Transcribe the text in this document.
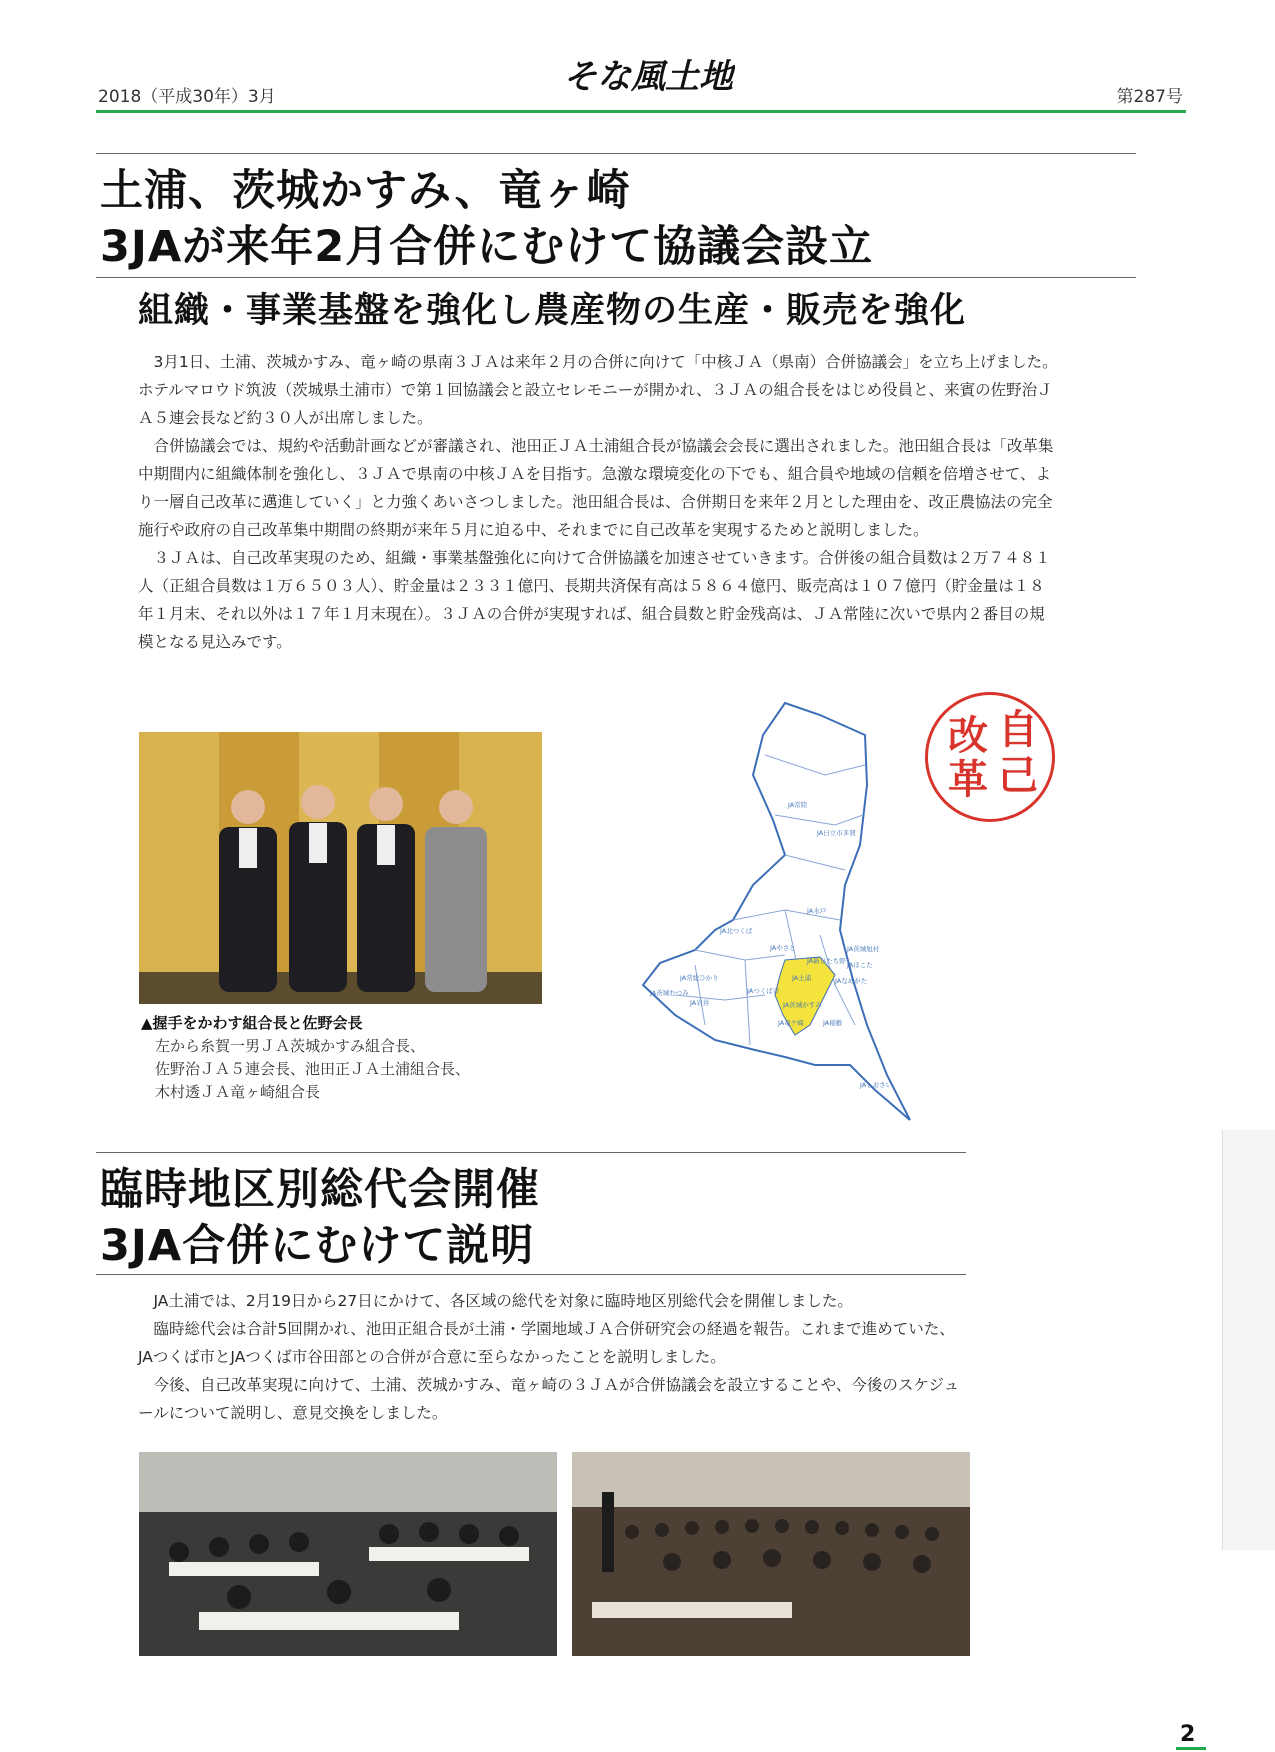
2018（平成30年）3月	そな風土地	第287号
土浦、茨城かすみ、竜ヶ崎
3JAが来年2月合併にむけて協議会設立
組織・事業基盤を強化し農産物の生産・販売を強化

3月1日、土浦、茨城かすみ、竜ヶ崎の県南３ＪＡは来年２月の合併に向けて「中核ＪＡ（県南）合併協議会」を立ち上げました。ホテルマロウド筑波（茨城県土浦市）で第１回協議会と設立セレモニーが開かれ、３ＪＡの組合長をはじめ役員と、来賓の佐野治ＪＡ５連会長など約３０人が出席しました。

合併協議会では、規約や活動計画などが審議され、池田正ＪＡ土浦組合長が協議会会長に選出されました。池田組合長は「改革集中期間内に組織体制を強化し、３ＪＡで県南の中核ＪＡを目指す。急激な環境変化の下でも、組合員や地域の信頼を倍増させて、より一層自己改革に邁進していく」と力強くあいさつしました。池田組合長は、合併期日を来年２月とした理由を、改正農協法の完全施行や政府の自己改革集中期間の終期が来年５月に迫る中、それまでに自己改革を実現するためと説明しました。

３ＪＡは、自己改革実現のため、組織・事業基盤強化に向けて合併協議を加速させていきます。合併後の組合員数は２万７４８１人（正組合員数は１万６５０３人）、貯金量は２３３１億円、長期共済保有高は５８６４億円、販売高は１０７億円（貯金量は１８年１月末、それ以外は１７年１月末現在）。３ＪＡの合併が実現すれば、組合員数と貯金残高は、ＪＡ常陸に次いで県内２番目の規模となる見込みです。

▲握手をかわす組合長と佐野会長
左から糸賀一男ＪＡ茨城かすみ組合長、
佐野治ＪＡ５連会長、池田正ＪＡ土浦組合長、
木村透ＪＡ竜ヶ崎組合長
JA常陸
JA日立市多賀
JA水戸
JA北つくば
JAやさと
JA新ひたち野
JA土浦
JA茨城かすみ
JA竜ケ崎	JA稲敷
JAなめがた
JAしおさい
JA茨城旭村
JAほこた
JAつくば市
JA岩井
JA常総ひかり
JA茨城むつみ
自
己
改
革
臨時地区別総代会開催
3JA合併にむけて説明

JA土浦では、2月19日から27日にかけて、各区域の総代を対象に臨時地区別総代会を開催しました。

臨時総代会は合計5回開かれ、池田正組合長が土浦・学園地域ＪＡ合併研究会の経過を報告。これまで進めていた、JAつくば市とJAつくば市谷田部との合併が合意に至らなかったことを説明しました。

今後、自己改革実現に向けて、土浦、茨城かすみ、竜ヶ崎の３ＪＡが合併協議会を設立することや、今後のスケジュールについて説明し、意見交換をしました。

2
